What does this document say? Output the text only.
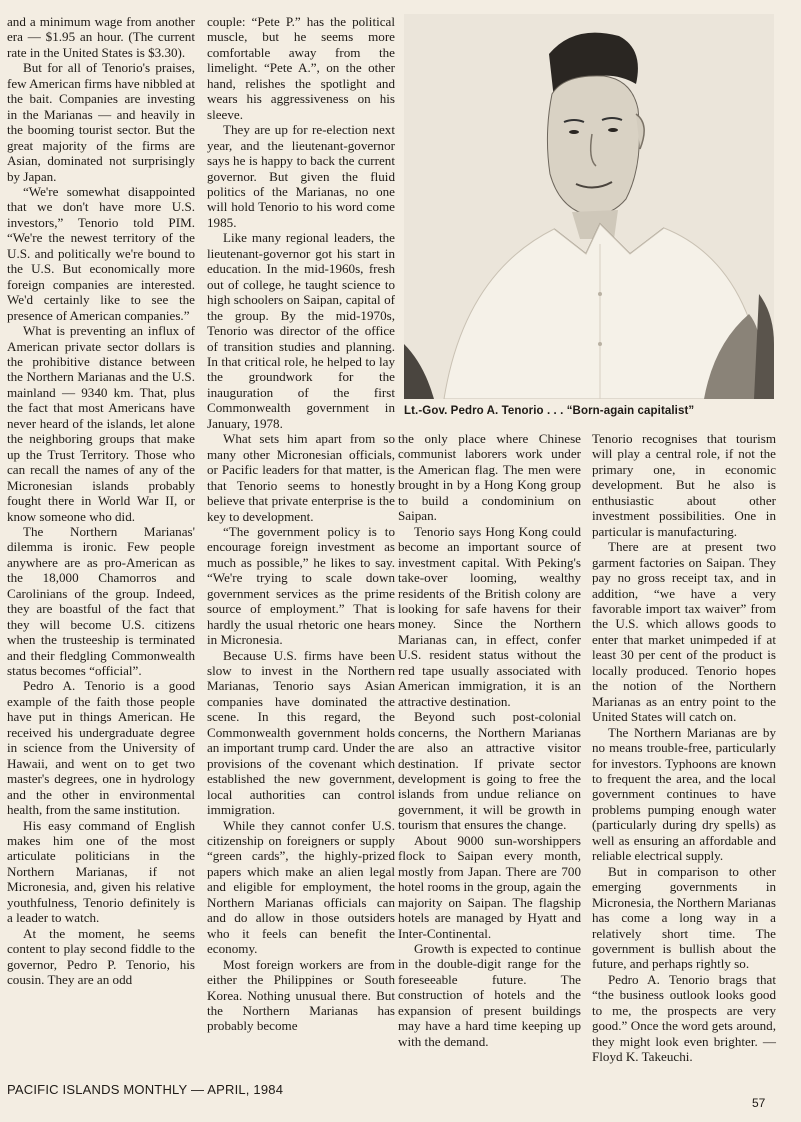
and a minimum wage from another era — $1.95 an hour. (The current rate in the United States is $3.30).

But for all of Tenorio's praises, few American firms have nibbled at the bait. Companies are investing in the Marianas — and heavily in the booming tourist sector. But the great majority of the firms are Asian, dominated not surprisingly by Japan.

“We're somewhat disappointed that we don't have more U.S. investors,” Tenorio told PIM. “We're the newest territory of the U.S. and politically we're bound to the U.S. But economically more foreign companies are interested. We'd certainly like to see the presence of American companies.”

What is preventing an influx of American private sector dollars is the prohibitive distance between the Northern Marianas and the U.S. mainland — 9340 km. That, plus the fact that most Americans have never heard of the islands, let alone the neighboring groups that make up the Trust Territory. Those who can recall the names of any of the Micronesian islands probably fought there in World War II, or know someone who did.

The Northern Marianas' dilemma is ironic. Few people anywhere are as pro-American as the 18,000 Chamorros and Carolinians of the group. Indeed, they are boastful of the fact that they will become U.S. citizens when the trusteeship is terminated and their fledgling Commonwealth status becomes “official”.

Pedro A. Tenorio is a good example of the faith those people have put in things American. He received his undergraduate degree in science from the University of Hawaii, and went on to get two master's degrees, one in hydrology and the other in environmental health, from the same institution.

His easy command of English makes him one of the most articulate politicians in the Northern Marianas, if not Micronesia, and, given his relative youthfulness, Tenorio definitely is a leader to watch.

At the moment, he seems content to play second fiddle to the governor, Pedro P. Tenorio, his cousin. They are an odd

couple: “Pete P.” has the political muscle, but he seems more comfortable away from the limelight. “Pete A.”, on the other hand, relishes the spotlight and wears his aggressiveness on his sleeve.

They are up for re-election next year, and the lieutenant-governor says he is happy to back the current governor. But given the fluid politics of the Marianas, no one will hold Tenorio to his word come 1985.

Like many regional leaders, the lieutenant-governor got his start in education. In the mid-1960s, fresh out of college, he taught science to high schoolers on Saipan, capital of the group. By the mid-1970s, Tenorio was director of the office of transition studies and planning. In that critical role, he helped to lay the groundwork for the inauguration of the first Commonwealth government in January, 1978.

What sets him apart from so many other Micronesian officials, or Pacific leaders for that matter, is that Tenorio seems to honestly believe that private enterprise is the key to development.

“The government policy is to encourage foreign investment as much as possible,” he likes to say. “We're trying to scale down government services as the prime source of employment.” That is hardly the usual rhetoric one hears in Micronesia.

Because U.S. firms have been slow to invest in the Northern Marianas, Tenorio says Asian companies have dominated the scene. In this regard, the Commonwealth government holds an important trump card. Under the provisions of the covenant which established the new government, local authorities can control immigration.

While they cannot confer U.S. citizenship on foreigners or supply “green cards”, the highly-prized papers which make an alien legal and eligible for employment, the Northern Marianas officials can and do allow in those outsiders who it feels can benefit the economy.

Most foreign workers are from either the Philippines or South Korea. Nothing unusual there. But the Northern Marianas has probably become

Lt.-Gov. Pedro A. Tenorio . . . “Born-again capitalist”

the only place where Chinese communist laborers work under the American flag. The men were brought in by a Hong Kong group to build a condominium on Saipan.

Tenorio says Hong Kong could become an important source of investment capital. With Peking's take-over looming, wealthy residents of the British colony are looking for safe havens for their money. Since the Northern Marianas can, in effect, confer U.S. resident status without the red tape usually associated with American immigration, it is an attractive destination.

Beyond such post-colonial concerns, the Northern Marianas are also an attractive visitor destination. If private sector development is going to free the islands from undue reliance on government, it will be growth in tourism that ensures the change.

About 9000 sun-worshippers flock to Saipan every month, mostly from Japan. There are 700 hotel rooms in the group, again the majority on Saipan. The flagship hotels are managed by Hyatt and Inter-Continental.

Growth is expected to continue in the double-digit range for the foreseeable future. The construction of hotels and the expansion of present buildings may have a hard time keeping up with the demand.

Tenorio recognises that tourism will play a central role, if not the primary one, in economic development. But he also is enthusiastic about other investment possibilities. One in particular is manufacturing.

There are at present two garment factories on Saipan. They pay no gross receipt tax, and in addition, “we have a very favorable import tax waiver” from the U.S. which allows goods to enter that market unimpeded if at least 30 per cent of the product is locally produced. Tenorio hopes the notion of the Northern Marianas as an entry point to the United States will catch on.

The Northern Marianas are by no means trouble-free, particularly for investors. Typhoons are known to frequent the area, and the local government continues to have problems pumping enough water (particularly during dry spells) as well as ensuring an affordable and reliable electrical supply.

But in comparison to other emerging governments in Micronesia, the Northern Marianas has come a long way in a relatively short time. The government is bullish about the future, and perhaps rightly so.

Pedro A. Tenorio brags that “the business outlook looks good to me, the prospects are very good.” Once the word gets around, they might look even brighter. — Floyd K. Takeuchi.

PACIFIC ISLANDS MONTHLY — APRIL, 1984
57
